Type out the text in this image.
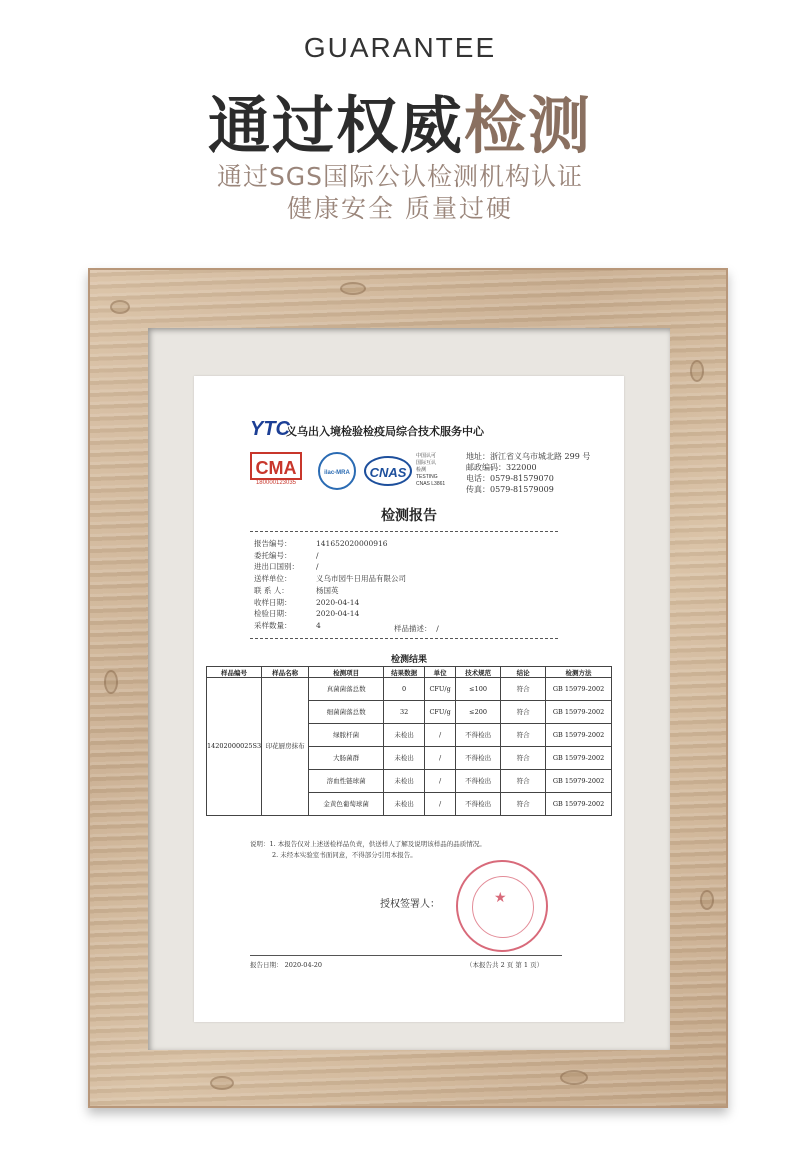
GUARANTEE
通过权威检测
通过SGS国际公认检测机构认证
健康安全 质量过硬
YTC
义乌出入境检验检疫局综合技术服务中心
CMA
180000123035
ilac-MRA	CNAS
中国认可
国际互认
检测
TESTING
CNAS L3861
地址：浙江省义乌市城北路 299 号
邮政编码：322000
电话：0579-81579070
传真：0579-81579009
检测报告
报告编号：	141652020000916
委托编号：	/
进出口国别：	/
送样单位：	义乌市园牛日用品有限公司
联 系 人：	杨国英
收样日期：	2020-04-14
检验日期：	2020-04-14
采样数量：	4	样品描述： /
检测结果
样品编号	样品名称	检测项目	结果数据	单位	技术规范	结论	检测方法
14202000025S3	印花厨房抹布	真菌菌落总数	0	CFU/g	≤100	符合	GB 15979-2002
		细菌菌落总数	32	CFU/g	≤200	符合	GB 15979-2002
		绿脓杆菌	未检出	/	不得检出	符合	GB 15979-2002
		大肠菌群	未检出	/	不得检出	符合	GB 15979-2002
		溶血性链球菌	未检出	/	不得检出	符合	GB 15979-2002
		金黄色葡萄球菌	未检出	/	不得检出	符合	GB 15979-2002
说明：1. 本报告仅对上述送检样品负责，供送样人了解及说明该样品的品质情况。
2. 未经本实验室书面同意，不得部分引用本报告。
授权签署人：	★
报告日期： 2020-04-20	（本报告共 2 页 第 1 页）
